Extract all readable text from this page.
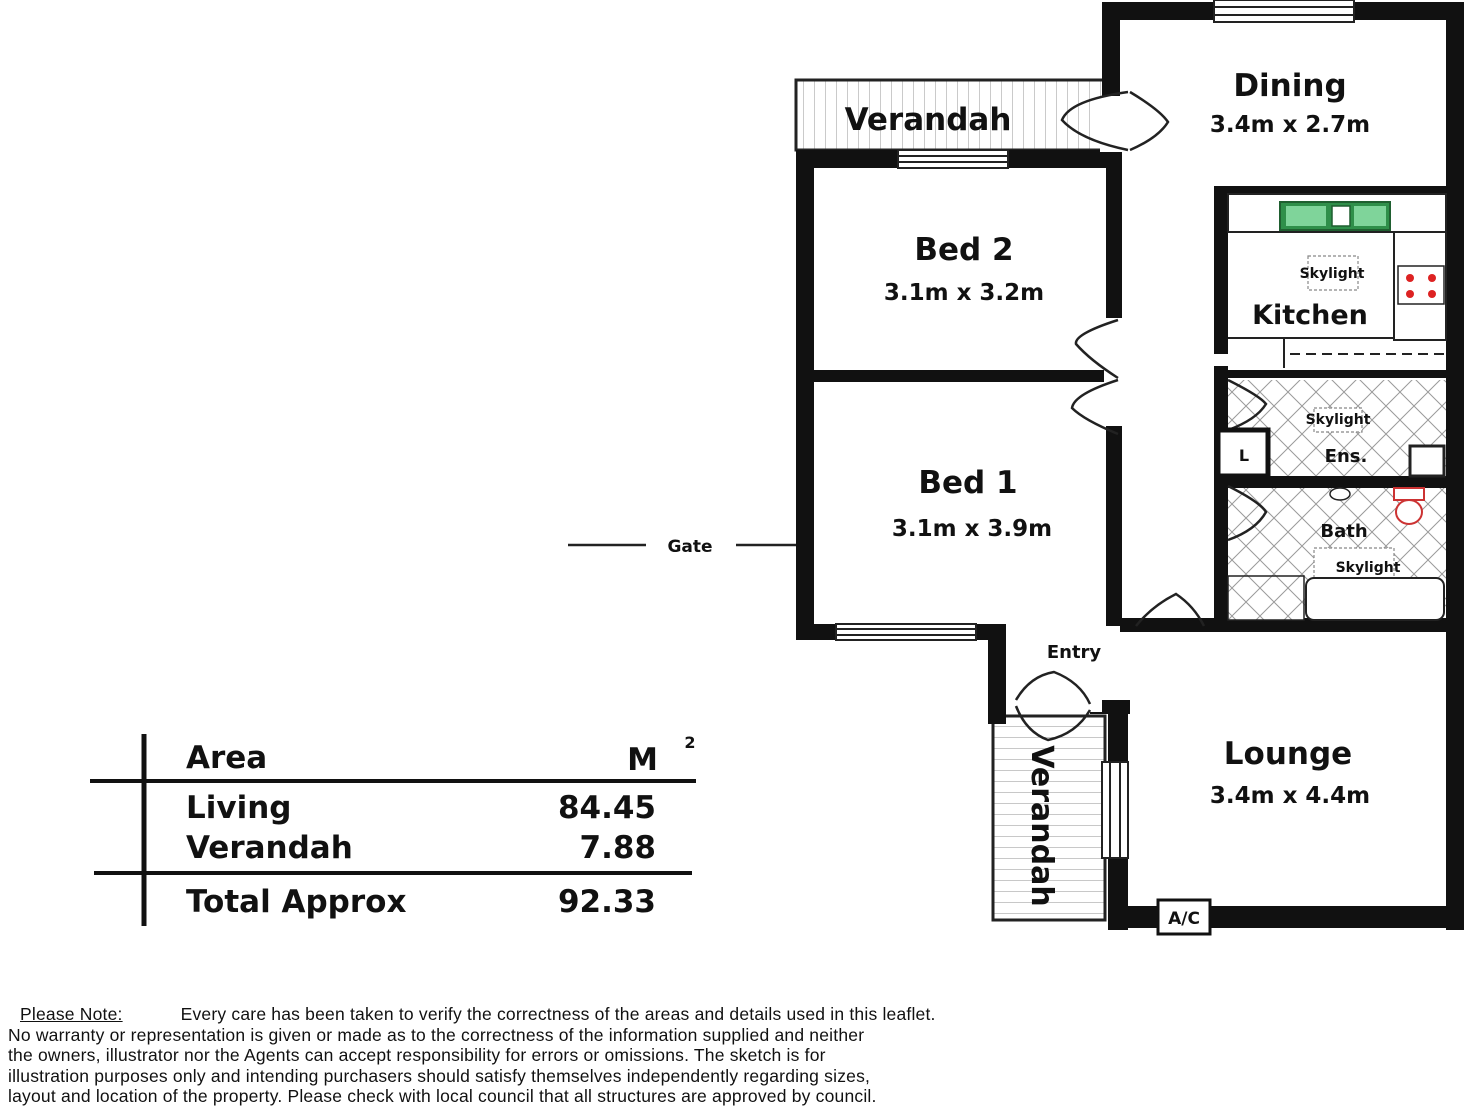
A/C
Gate
Dining
3.4m x 2.7m
Verandah
Bed 2
3.1m x 3.2m
Bed 1
3.1m x 3.9m
Skylight
Kitchen
Skylight
Ens.
L
Bath
Skylight
Entry
Lounge
3.4m x 4.4m
Verandah
Area	M 2
Living	84.45
Verandah	7.88
Total Approx	92.33
Please Note:	Every care has been taken to verify the correctness of the areas and details used in this leaflet.
No warranty or representation is given or made as to the correctness of the information supplied and neither
the owners, illustrator nor the Agents can accept responsibility for errors or omissions. The sketch is for
illustration purposes only and intending purchasers should satisfy themselves independently regarding sizes,
layout and location of the property. Please check with local council that all structures are approved by council.
